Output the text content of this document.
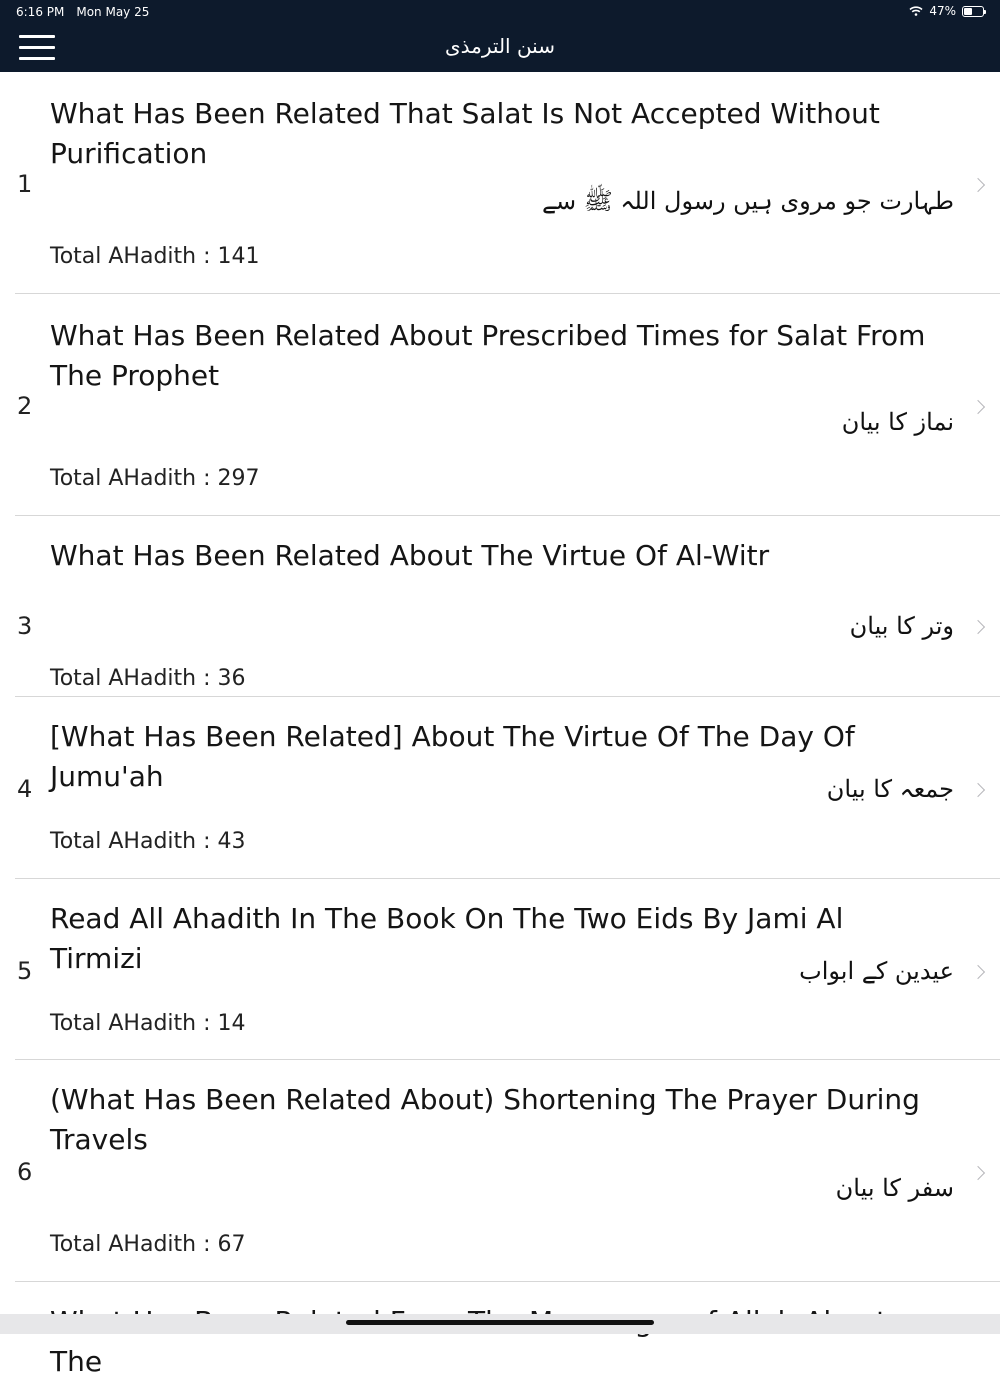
6:16 PM Mon May 25	47%
سنن الترمذی
What Has Been Related That Salat Is Not Accepted Without Purification
1
طہارت جو مروی ہیں رسول اللہ ﷺ سے
Total AHadith : 141
What Has Been Related About Prescribed Times for Salat From The Prophet
2
نماز کا بیان
Total AHadith : 297
What Has Been Related About The Virtue Of Al-Witr
3	وتر کا بیان
Total AHadith : 36
[What Has Been Related] About The Virtue Of The Day Of Jumu'ah
4	جمعہ کا بیان
Total AHadith : 43
Read All Ahadith In The Book On The Two Eids By Jami Al Tirmizi
5	عیدین کے ابواب
Total AHadith : 14
(What Has Been Related About) Shortening The Prayer During Travels
6
سفر کا بیان
Total AHadith : 67
The
